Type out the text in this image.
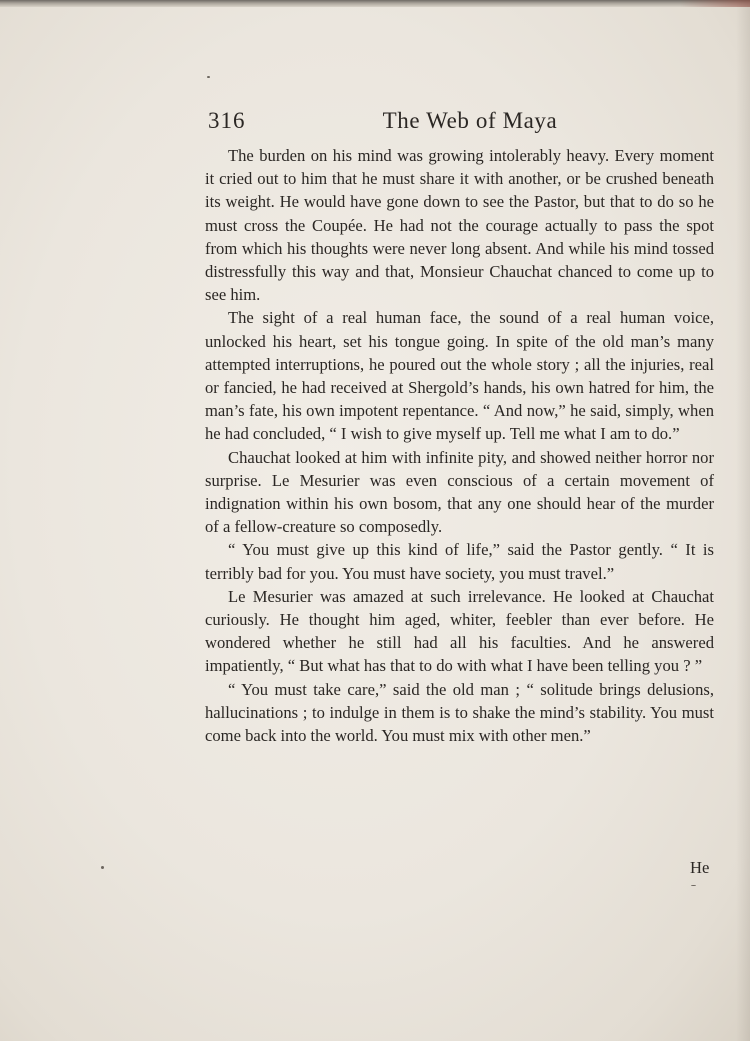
316	The Web of Maya

The burden on his mind was growing intolerably heavy. Every moment it cried out to him that he must share it with another, or be crushed beneath its weight. He would have gone down to see the Pastor, but that to do so he must cross the Coupée. He had not the courage actually to pass the spot from which his thoughts were never long absent. And while his mind tossed distressfully this way and that, Monsieur Chauchat chanced to come up to see him.

The sight of a real human face, the sound of a real human voice, unlocked his heart, set his tongue going. In spite of the old man’s many attempted interruptions, he poured out the whole story ; all the injuries, real or fancied, he had received at Shergold’s hands, his own hatred for him, the man’s fate, his own impotent repentance. “ And now,” he said, simply, when he had concluded, “ I wish to give myself up. Tell me what I am to do.”

Chauchat looked at him with infinite pity, and showed neither horror nor surprise. Le Mesurier was even conscious of a certain movement of indignation within his own bosom, that any one should hear of the murder of a fellow-creature so composedly.

“ You must give up this kind of life,” said the Pastor gently. “ It is terribly bad for you. You must have society, you must travel.”

Le Mesurier was amazed at such irrelevance. He looked at Chauchat curiously. He thought him aged, whiter, feebler than ever before. He wondered whether he still had all his faculties. And he answered impatiently, “ But what has that to do with what I have been telling you ? ”

“ You must take care,” said the old man ; “ solitude brings delusions, hallucinations ; to indulge in them is to shake the mind’s stability. You must come back into the world. You must mix with other men.”

He
